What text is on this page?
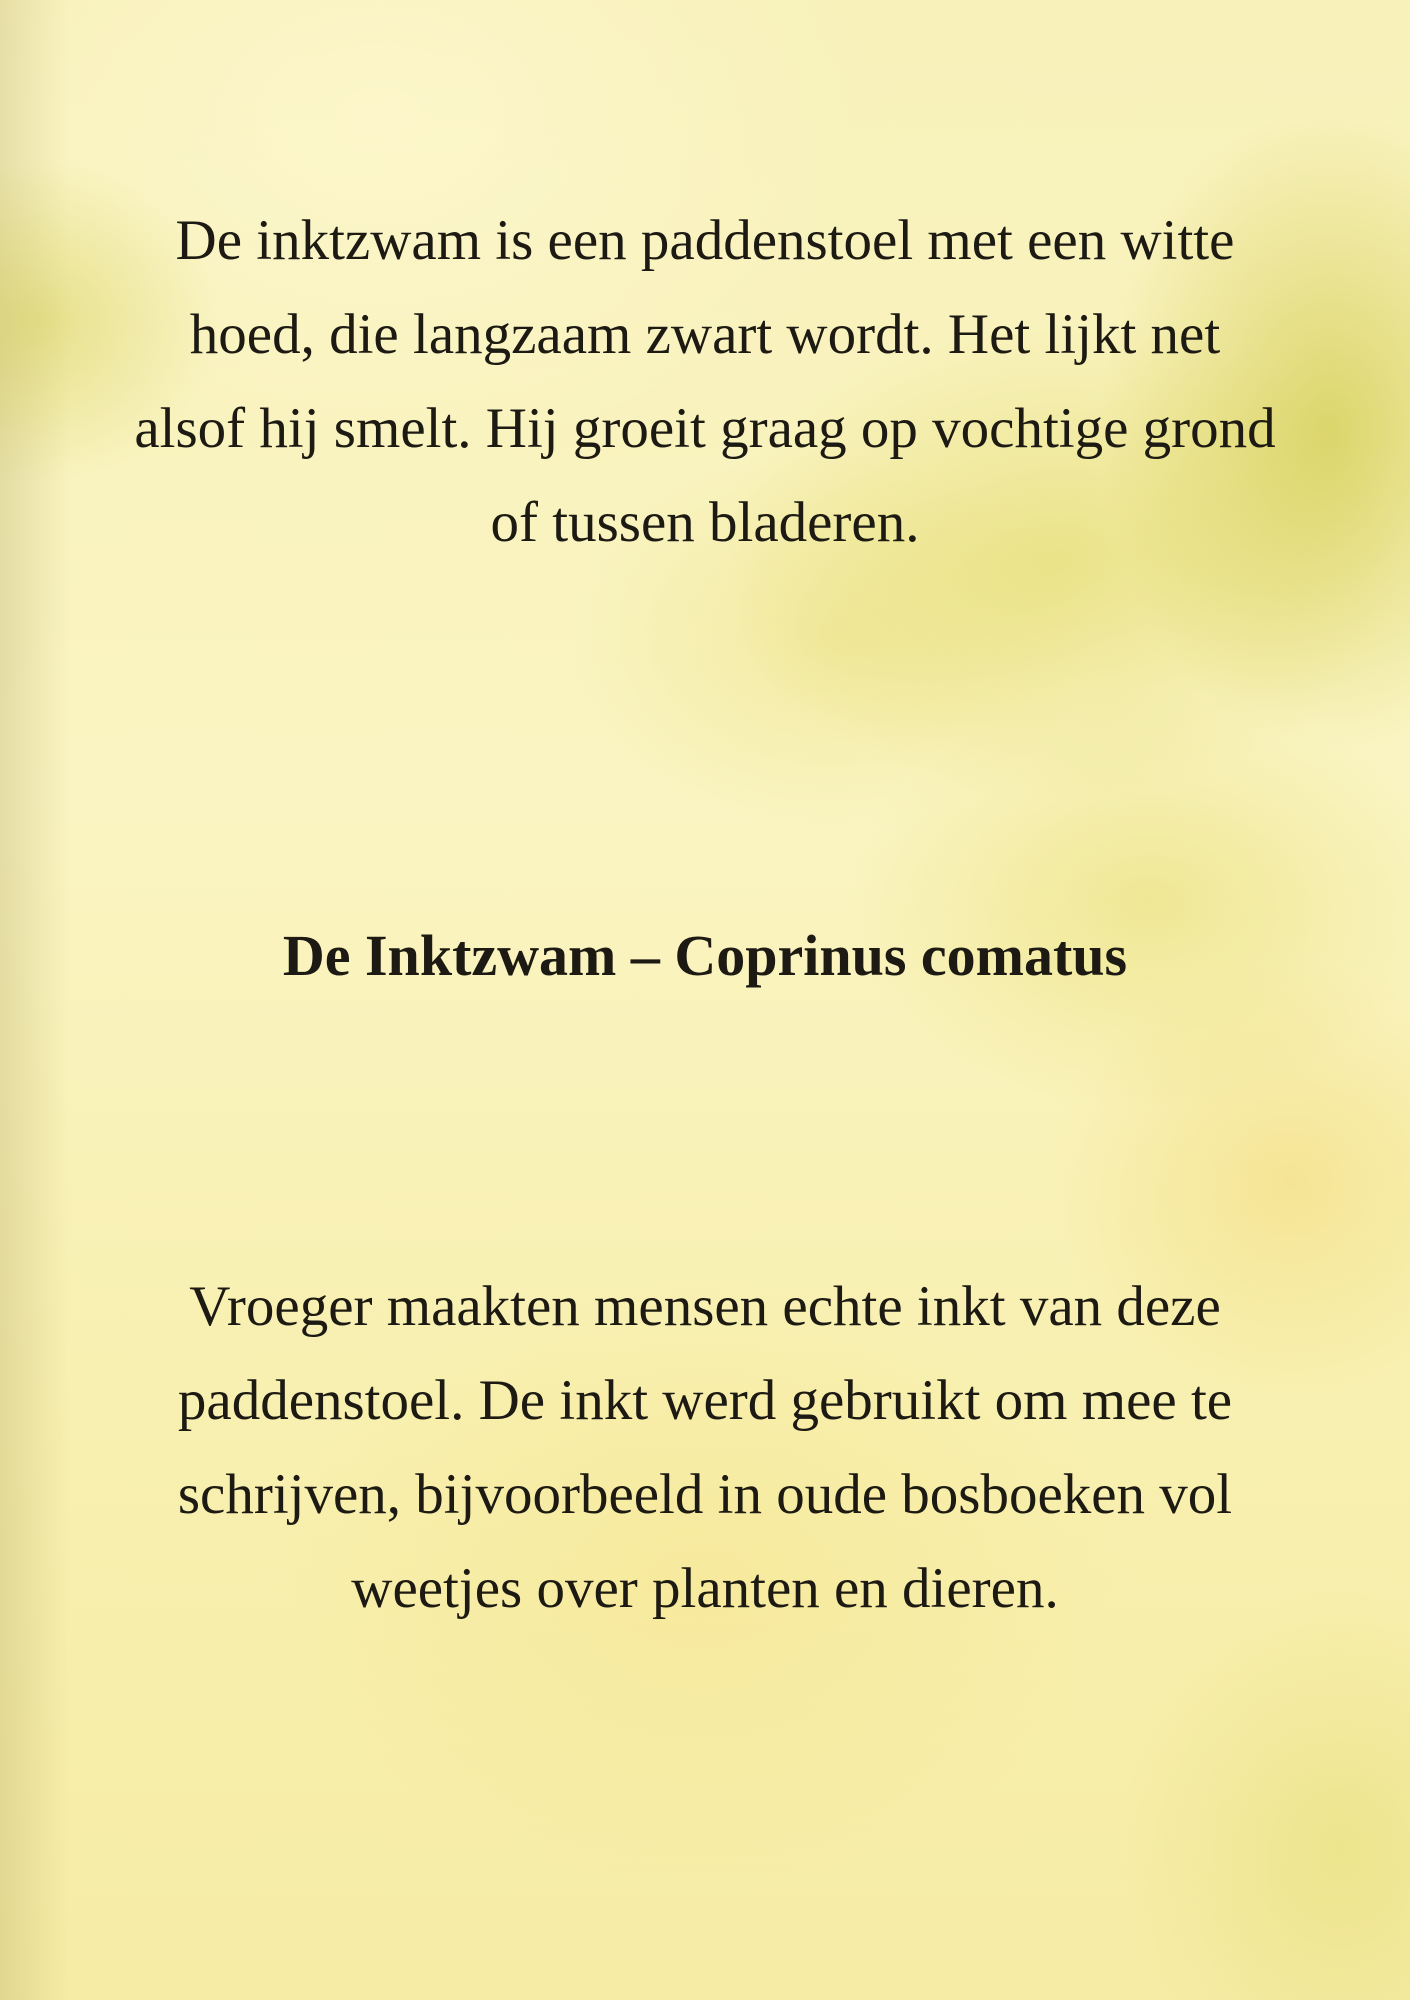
De inktzwam is een paddenstoel met een witte hoed, die langzaam zwart wordt. Het lijkt net alsof hij smelt. Hij groeit graag op vochtige grond of tussen bladeren.

De Inktzwam – Coprinus comatus

Vroeger maakten mensen echte inkt van deze paddenstoel. De inkt werd gebruikt om mee te schrijven, bijvoorbeeld in oude bosboeken vol weetjes over planten en dieren.
